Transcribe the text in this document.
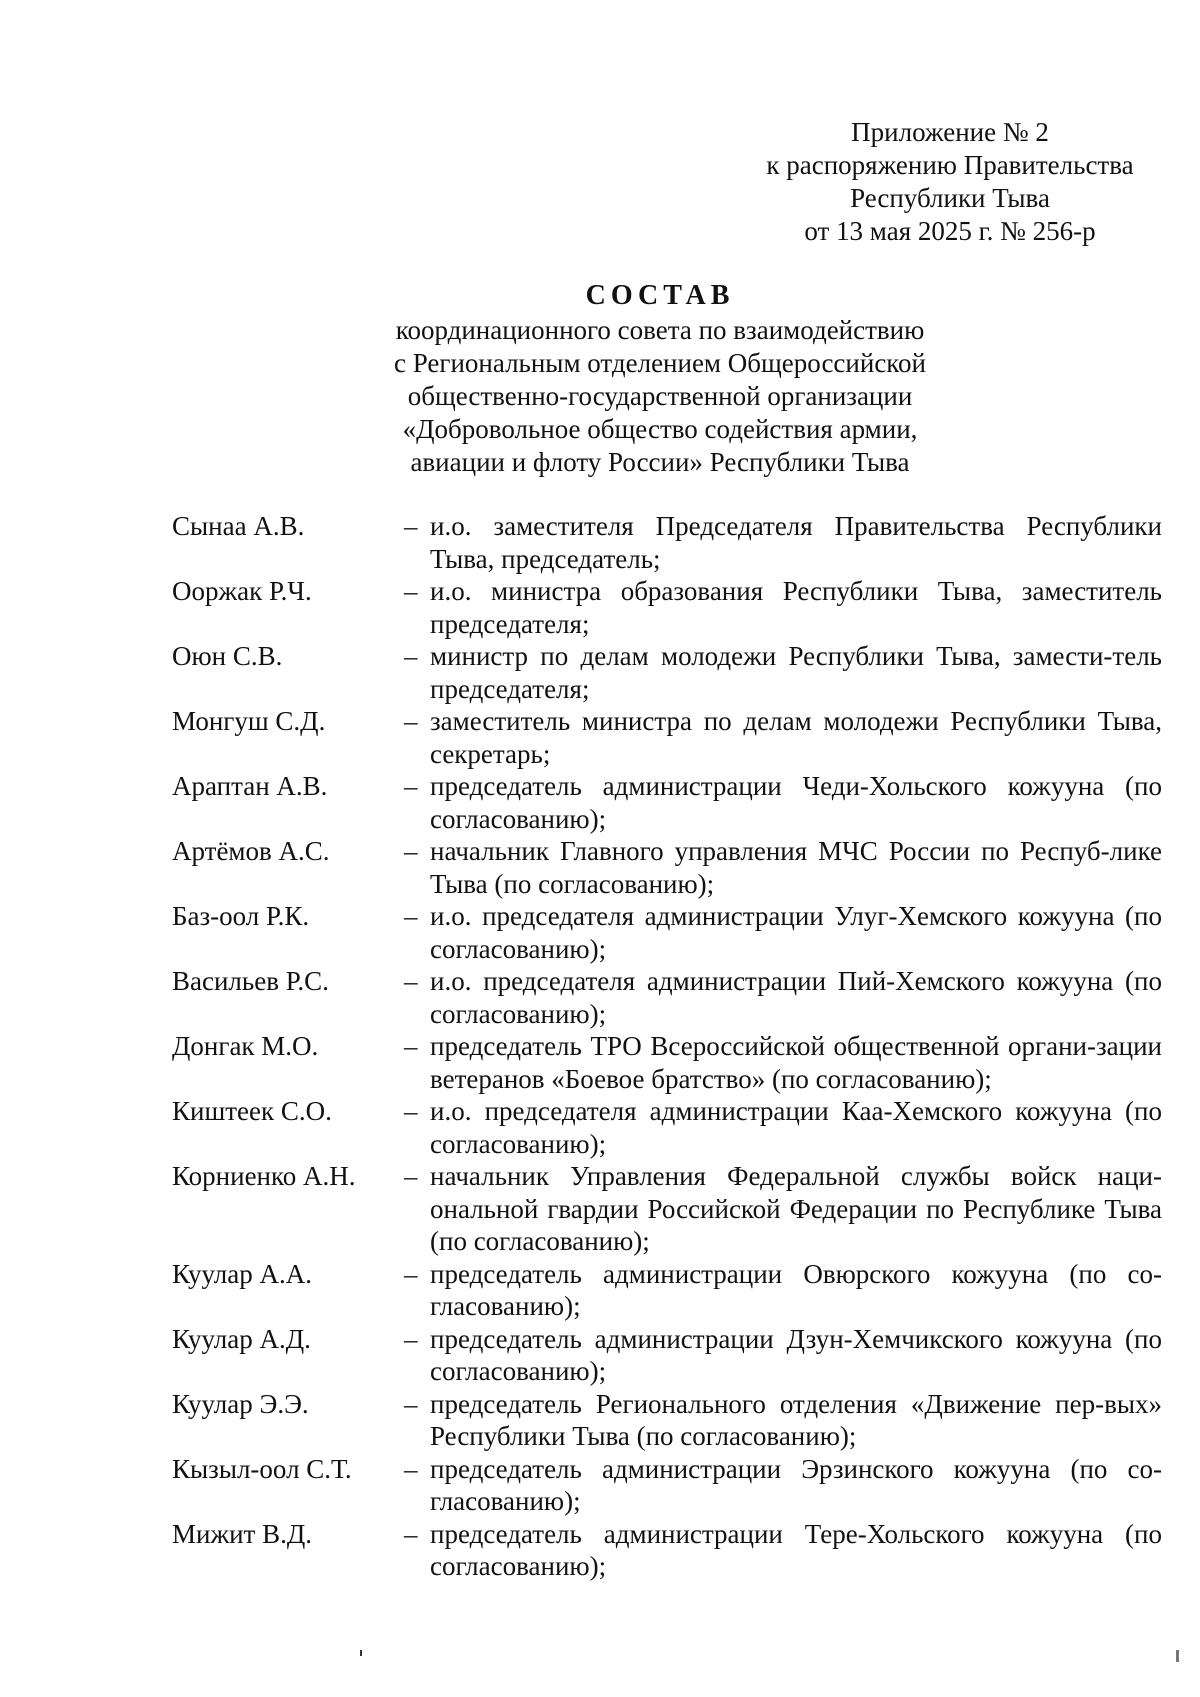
Приложение № 2
к распоряжению Правительства
Республики Тыва
от 13 мая 2025 г. № 256-р
СОСТАВ
координационного совета по взаимодействию
с Региональным отделением Общероссийской
общественно-государственной организации
«Добровольное общество содействия армии,
авиации и флоту России» Республики Тыва
Сынаа А.В.	– и.о. заместителя Председателя Правительства Республики Тыва, председатель;
Ооржак Р.Ч.	– и.о. министра образования Республики Тыва, заместитель председателя;
Оюн С.В.	– министр по делам молодежи Республики Тыва, замести-тель председателя;
Монгуш С.Д.	– заместитель министра по делам молодежи Республики Тыва, секретарь;
Араптан А.В.	– председатель администрации Чеди-Хольского кожууна (по согласованию);
Артёмов А.С.	– начальник Главного управления МЧС России по Респуб-лике Тыва (по согласованию);
Баз-оол Р.К.	– и.о. председателя администрации Улуг-Хемского кожууна (по согласованию);
Васильев Р.С.	– и.о. председателя администрации Пий-Хемского кожууна (по согласованию);
Донгак М.О.	– председатель ТРО Всероссийской общественной органи-зации ветеранов «Боевое братство» (по согласованию);
Киштеек С.О.	– и.о. председателя администрации Каа-Хемского кожууна (по согласованию);
Корниенко А.Н.	– начальник Управления Федеральной службы войск наци-ональной гвардии Российской Федерации по Республике Тыва (по согласованию);
Куулар А.А.	– председатель администрации Овюрского кожууна (по со-гласованию);
Куулар А.Д.	– председатель администрации Дзун-Хемчикского кожууна (по согласованию);
Куулар Э.Э.	– председатель Регионального отделения «Движение пер-вых» Республики Тыва (по согласованию);
Кызыл-оол С.Т.	– председатель администрации Эрзинского кожууна (по со-гласованию);
Мижит В.Д.	– председатель администрации Тере-Хольского кожууна (по согласованию);
